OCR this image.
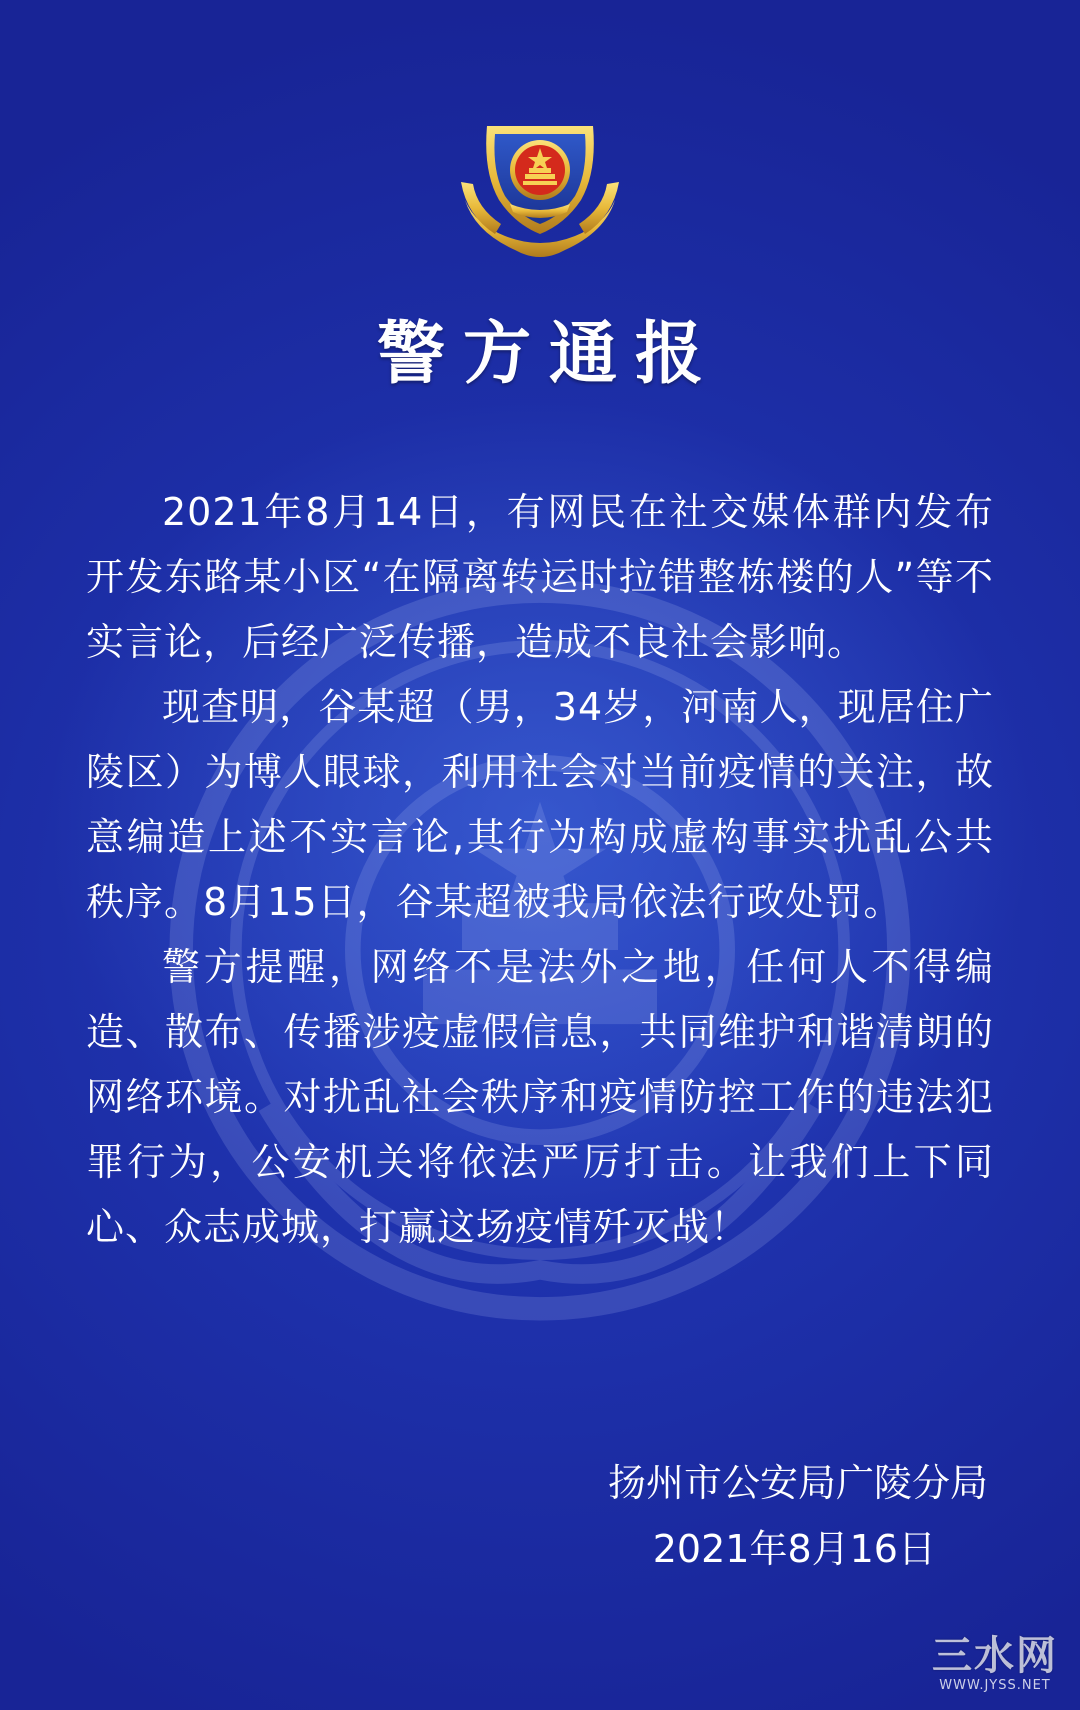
警方通报

2021年8月14日，有网民在社交媒体群内发布开发东路某小区“在隔离转运时拉错整栋楼的人”等不实言论，后经广泛传播，造成不良社会影响。

现查明，谷某超（男，34岁，河南人，现居住广陵区）为博人眼球，利用社会对当前疫情的关注，故意编造上述不实言论,其行为构成虚构事实扰乱公共秩序。8月15日，谷某超被我局依法行政处罚。

警方提醒，网络不是法外之地，任何人不得编造、散布、传播涉疫虚假信息，共同维护和谐清朗的网络环境。对扰乱社会秩序和疫情防控工作的违法犯罪行为，公安机关将依法严厉打击。让我们上下同心、众志成城，打赢这场疫情歼灭战！

扬州市公安局广陵分局
2021年8月16日
三水网
WWW.JYSS.NET
